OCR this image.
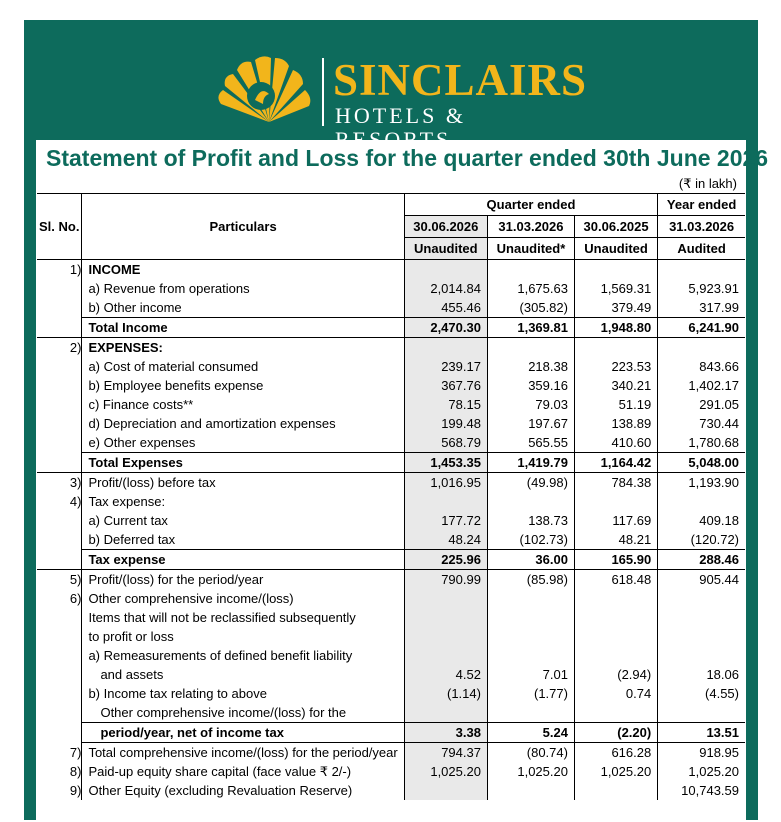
SINCLAIRS
HOTELS & RESORTS
Statement of Profit and Loss for the quarter ended 30th June 2026
(₹ in lakh)
Sl. No.	Particulars	Quarter ended			Year ended
		30.06.2026	31.03.2026	30.06.2025	31.03.2026
		Unaudited	Unaudited*	Unaudited	Audited
1)	INCOME				
	a) Revenue from operations	2,014.84	1,675.63	1,569.31	5,923.91
	b) Other income	455.46	(305.82)	379.49	317.99
	Total Income	2,470.30	1,369.81	1,948.80	6,241.90
2)	EXPENSES:				
	a) Cost of material consumed	239.17	218.38	223.53	843.66
	b) Employee benefits expense	367.76	359.16	340.21	1,402.17
	c) Finance costs**	78.15	79.03	51.19	291.05
	d) Depreciation and amortization expenses	199.48	197.67	138.89	730.44
	e) Other expenses	568.79	565.55	410.60	1,780.68
	Total Expenses	1,453.35	1,419.79	1,164.42	5,048.00
3)	Profit/(loss) before tax	1,016.95	(49.98)	784.38	1,193.90
4)	Tax expense:				
	a) Current tax	177.72	138.73	117.69	409.18
	b) Deferred tax	48.24	(102.73)	48.21	(120.72)
	Tax expense	225.96	36.00	165.90	288.46
5)	Profit/(loss) for the period/year	790.99	(85.98)	618.48	905.44
6)	Other comprehensive income/(loss)				
	Items that will not be reclassified subsequently				
	to profit or loss				
	a) Remeasurements of defined benefit liability				
	and assets	4.52	7.01	(2.94)	18.06
	b) Income tax relating to above	(1.14)	(1.77)	0.74	(4.55)
	Other comprehensive income/(loss) for the				
	period/year, net of income tax	3.38	5.24	(2.20)	13.51
7)	Total comprehensive income/(loss) for the period/year	794.37	(80.74)	616.28	918.95
8)	Paid-up equity share capital (face value ₹ 2/-)	1,025.20	1,025.20	1,025.20	1,025.20
9)	Other Equity (excluding Revaluation Reserve)				10,743.59
